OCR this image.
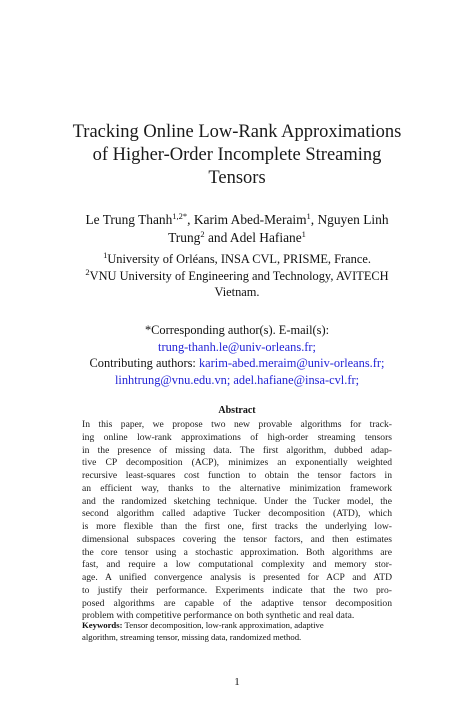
Tracking Online Low-Rank Approximations
of Higher-Order Incomplete Streaming
Tensors
Le Trung Thanh$^{1,2*}$, Karim Abed-Meraim$^1$, Nguyen Linh
Trung$^2$ and Adel Hafiane$^1$
$^1$University of Orléans, INSA CVL, PRISME, France.
$^2$VNU University of Engineering and Technology, AVITECH
Vietnam.
*Corresponding author(s). E-mail(s):
trung-thanh.le@univ-orleans.fr;
Contributing authors: karim-abed.meraim@univ-orleans.fr;
linhtrung@vnu.edu.vn; adel.hafiane@insa-cvl.fr;
Abstract
In this paper, we propose two new provable algorithms for track-
ing online low-rank approximations of high-order streaming tensors
in the presence of missing data. The first algorithm, dubbed adap-
tive CP decomposition (ACP), minimizes an exponentially weighted
recursive least-squares cost function to obtain the tensor factors in
an efficient way, thanks to the alternative minimization framework
and the randomized sketching technique. Under the Tucker model, the
second algorithm called adaptive Tucker decomposition (ATD), which
is more flexible than the first one, first tracks the underlying low-
dimensional subspaces covering the tensor factors, and then estimates
the core tensor using a stochastic approximation. Both algorithms are
fast, and require a low computational complexity and memory stor-
age. A unified convergence analysis is presented for ACP and ATD
to justify their performance. Experiments indicate that the two pro-
posed algorithms are capable of the adaptive tensor decomposition
problem with competitive performance on both synthetic and real data.
Keywords: Tensor decomposition, low-rank approximation, adaptive
algorithm, streaming tensor, missing data, randomized method.
1
